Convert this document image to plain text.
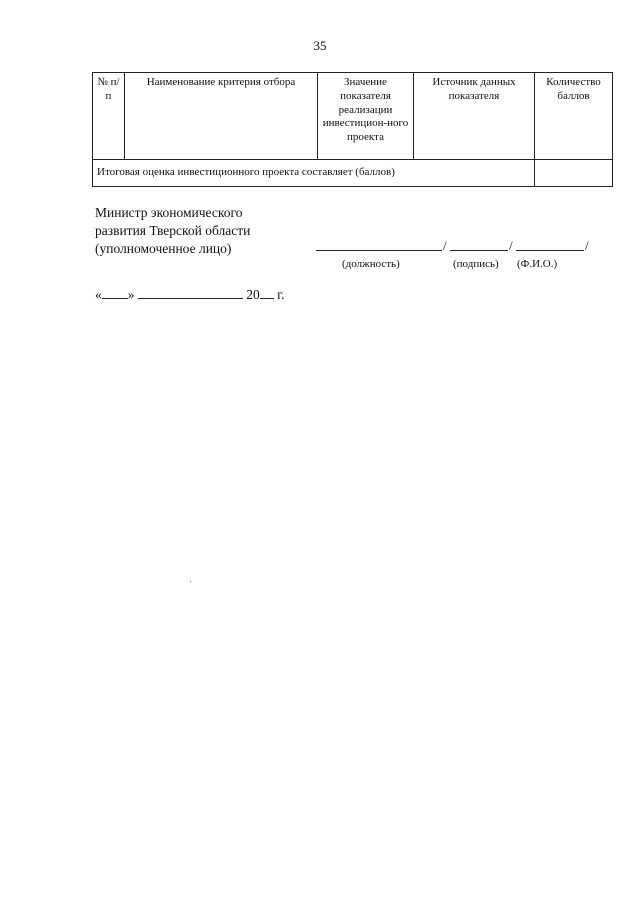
35
№ п/п	Наименование критерия отбора	Значение показателя реализации инвестицион-ного проекта	Источник данных показателя	Количество баллов
Итоговая оценка инвестиционного проекта составляет (баллов)				
Министр экономического
развития Тверской области
(уполномоченное лицо)	/	/	/
(должность)	(подпись) (Ф.И.О.)
« »	20 г.
